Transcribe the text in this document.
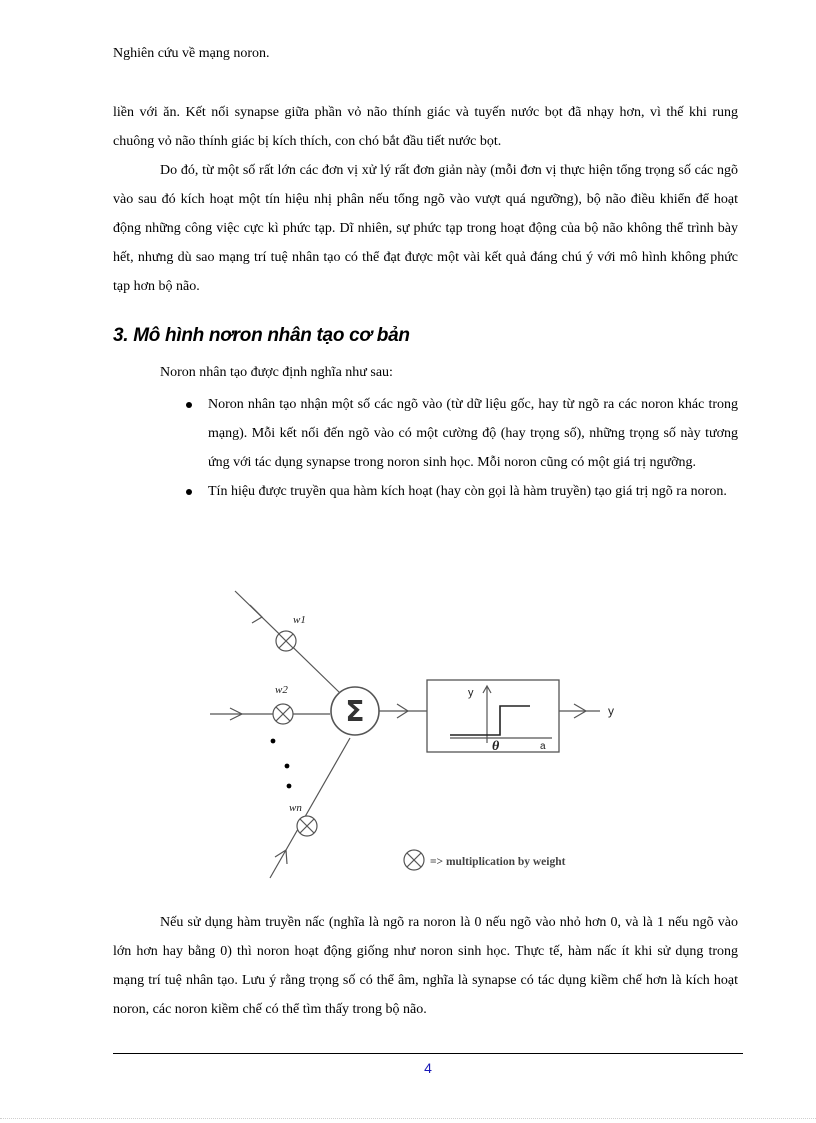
Nghiên cứu về mạng noron.

liền với ăn. Kết nối synapse giữa phần vỏ não thính giác và tuyến nước bọt đã nhạy hơn, vì thế khi rung chuông vỏ não thính giác bị kích thích, con chó bắt đầu tiết nước bọt.

Do đó, từ một số rất lớn các đơn vị xử lý rất đơn giản này (mỗi đơn vị thực hiện tổng trọng số các ngõ vào sau đó kích hoạt một tín hiệu nhị phân nếu tổng ngõ vào vượt quá ngưỡng), bộ não điều khiển để hoạt động những công việc cực kì phức tạp. Dĩ nhiên, sự phức tạp trong hoạt động của bộ não không thể trình bày hết, nhưng dù sao mạng trí tuệ nhân tạo có thể đạt được một vài kết quả đáng chú ý với mô hình không phức tạp hơn bộ não.

3. Mô hình nơron nhân tạo cơ bản
Noron nhân tạo được định nghĩa như sau:
Noron nhân tạo nhận một số các ngõ vào (từ dữ liệu gốc, hay từ ngõ ra các noron khác trong mạng). Mỗi kết nối đến ngõ vào có một cường độ (hay trọng số), những trọng số này tương ứng với tác dụng synapse trong noron sinh học. Mỗi noron cũng có một giá trị ngưỡng.
Tín hiệu được truyền qua hàm kích hoạt (hay còn gọi là hàm truyền) tạo giá trị ngõ ra noron.
Σ
w1
w2
wn
y
θ	a
y
=> multiplication by weight

Nếu sử dụng hàm truyền nấc (nghĩa là ngõ ra noron là 0 nếu ngõ vào nhỏ hơn 0, và là 1 nếu ngõ vào lớn hơn hay bằng 0) thì noron hoạt động giống như noron sinh học. Thực tế, hàm nấc ít khi sử dụng trong mạng trí tuệ nhân tạo. Lưu ý rằng trọng số có thể âm, nghĩa là synapse có tác dụng kiềm chế hơn là kích hoạt noron, các noron kiềm chế có thể tìm thấy trong bộ não.

4
